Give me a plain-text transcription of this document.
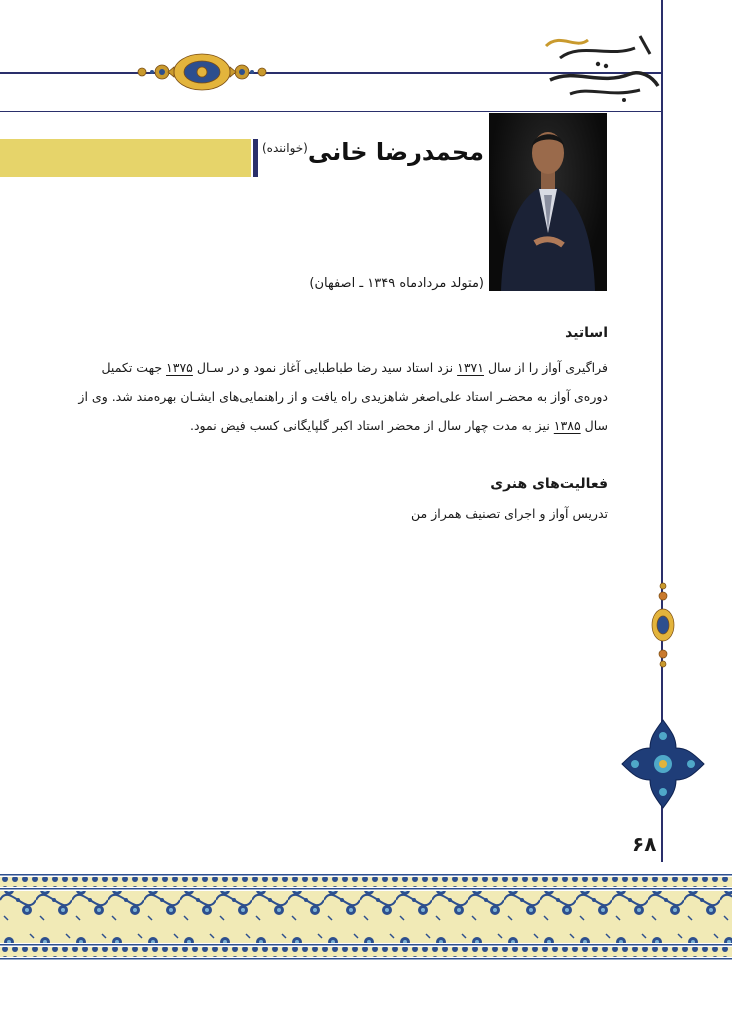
(خواننده) محمدرضا خانی
(متولد مردادماه ۱۳۴۹ ـ اصفهان)
اساتید
فراگیری آواز را از سال ۱۳۷۱ نزد استاد سید رضا طباطبایی آغاز نمود و در سـال ۱۳۷۵ جهت تکمیل
دوره‌ی آواز به محضـر استاد علی‌اصغر شاهزیدی راه یافت و از راهنمایی‌های ایشـان بهره‌مند شد. وی از
سال ۱۳۸۵ نیز به مدت چهار سال از محضر استاد اکبر گلپایگانی کسب فیض نمود.
فعالیت‌های هنری
تدریس آواز و اجرای تصنیف همراز من
۶۸
